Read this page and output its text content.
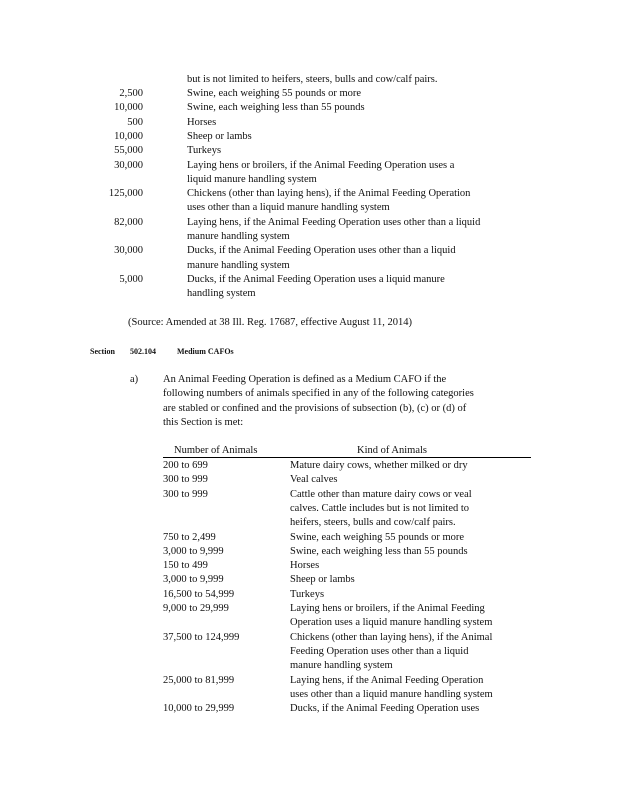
but is not limited to heifers, steers, bulls and cow/calf pairs.
2,500	Swine, each weighing 55 pounds or more
10,000	Swine, each weighing less than 55 pounds
500	Horses
10,000	Sheep or lambs
55,000	Turkeys
30,000	Laying hens or broilers, if the Animal Feeding Operation uses a
liquid manure handling system
125,000	Chickens (other than laying hens), if the Animal Feeding Operation
uses other than a liquid manure handling system
82,000	Laying hens, if the Animal Feeding Operation uses other than a liquid
manure handling system
30,000	Ducks, if the Animal Feeding Operation uses other than a liquid
manure handling system
5,000	Ducks, if the Animal Feeding Operation uses a liquid manure
handling system
(Source: Amended at 38 Ill. Reg. 17687, effective August 11, 2014)
Section 502.104	Medium CAFOs
a) An Animal Feeding Operation is defined as a Medium CAFO if the
following numbers of animals specified in any of the following categories
are stabled or confined and the provisions of subsection (b), (c) or (d) of
this Section is met:
Number of Animals	Kind of Animals
200 to 699	Mature dairy cows, whether milked or dry
300 to 999	Veal calves
300 to 999	Cattle other than mature dairy cows or veal
calves. Cattle includes but is not limited to
heifers, steers, bulls and cow/calf pairs.
750 to 2,499	Swine, each weighing 55 pounds or more
3,000 to 9,999	Swine, each weighing less than 55 pounds
150 to 499	Horses
3,000 to 9,999	Sheep or lambs
16,500 to 54,999	Turkeys
9,000 to 29,999	Laying hens or broilers, if the Animal Feeding
Operation uses a liquid manure handling system
37,500 to 124,999	Chickens (other than laying hens), if the Animal
Feeding Operation uses other than a liquid
manure handling system
25,000 to 81,999	Laying hens, if the Animal Feeding Operation
uses other than a liquid manure handling system
10,000 to 29,999	Ducks, if the Animal Feeding Operation uses
